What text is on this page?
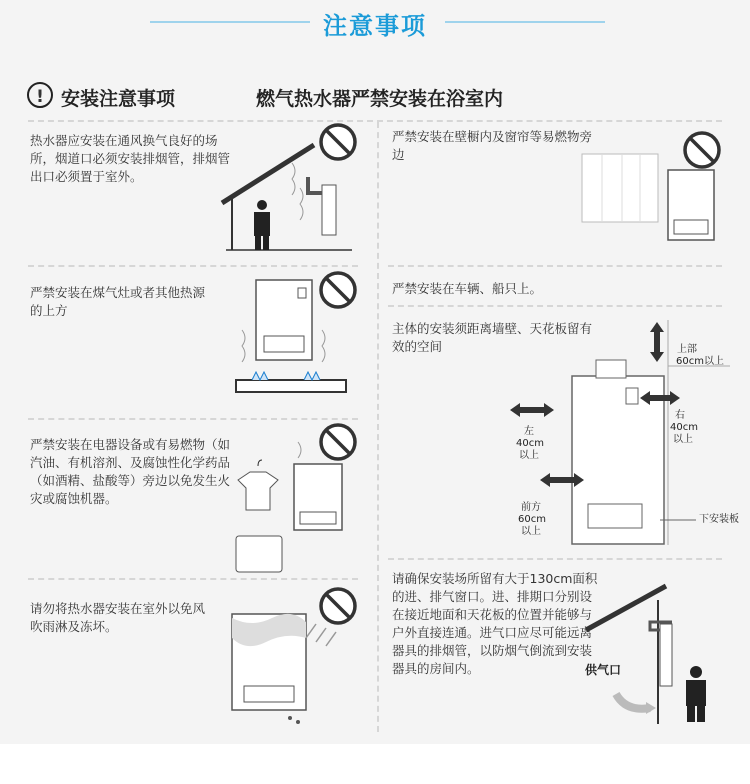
注意事项
! 安装注意事项	燃气热水器严禁安装在浴室内
热水器应安装在通风换气良好的场所，烟道口必须安装排烟管，排烟管出口必须置于室外。
严禁安装在煤气灶或者其他热源的上方
严禁安装在电器设备或有易燃物（如汽油、有机溶剂、及腐蚀性化学药品（如酒精、盐酸等）旁边以免发生火灾或腐蚀机器。
请勿将热水器安装在室外以免风吹雨淋及冻坏。
严禁安装在壁橱内及窗帘等易燃物旁边
严禁安装在车辆、船只上。
主体的安装须距离墙壁、天花板留有效的空间	上部
60cm以上
左
40cm
以上
右
40cm
以上
前方
60cm
以上
下安装板
请确保安装场所留有大于130cm面积的进、排气窗口。进、排期口分别设在接近地面和天花板的位置并能够与户外直接连通。进气口应尽可能远离器具的排烟管，以防烟气倒流到安装器具的房间内。	供气口
